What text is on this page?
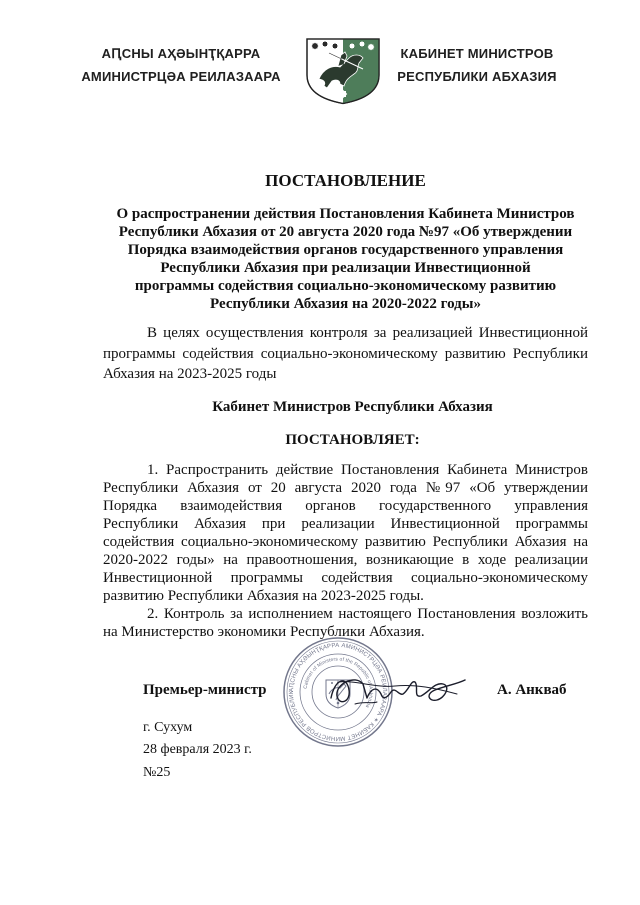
АԤСНЫ АҲӘЫНҬҚАРРА
АМИНИСТРЦӘА РЕИЛАЗААРА
КАБИНЕТ МИНИСТРОВ
РЕСПУБЛИКИ АБХАЗИЯ
ПОСТАНОВЛЕНИЕ
О распространении действия Постановления Кабинета Министров
Республики Абхазия от 20 августа 2020 года №97 «Об утверждении
Порядка взаимодействия органов государственного управления
Республики Абхазия при реализации Инвестиционной
программы содействия социально-экономическому развитию
Республики Абхазия на 2020-2022 годы»
В целях осуществления контроля за реализацией Инвестиционной
программы содействия социально-экономическому развитию Республики
Абхазия на 2023-2025 годы
Кабинет Министров Республики Абхазия
ПОСТАНОВЛЯЕТ:
1. Распространить действие Постановления Кабинета Министров
Республики Абхазия от 20 августа 2020 года №97 «Об утверждении
Порядка взаимодействия органов государственного управления
Республики Абхазия при реализации Инвестиционной программы
содействия социально-экономическому развитию Республики Абхазия на
2020-2022 годы» на правоотношения, возникающие в ходе реализации
Инвестиционной программы содействия социально-экономическому
развитию Республики Абхазия на 2023-2025 годы.
2. Контроль за исполнением настоящего Постановления возложить
на Министерство экономики Республики Абхазия.
АԤСНЫ АҲӘЫНҬҚАРРА АМИНИСТРЦӘА РЕИЛАЗААРА ✶ КАБИНЕТ МИНИСТРОВ РЕСПУБЛИК
Cabinet of Ministers of the Republic of Abkhazia
Премьер-министр	А. Анкваб
г. Сухум
28 февраля 2023 г.
№25
